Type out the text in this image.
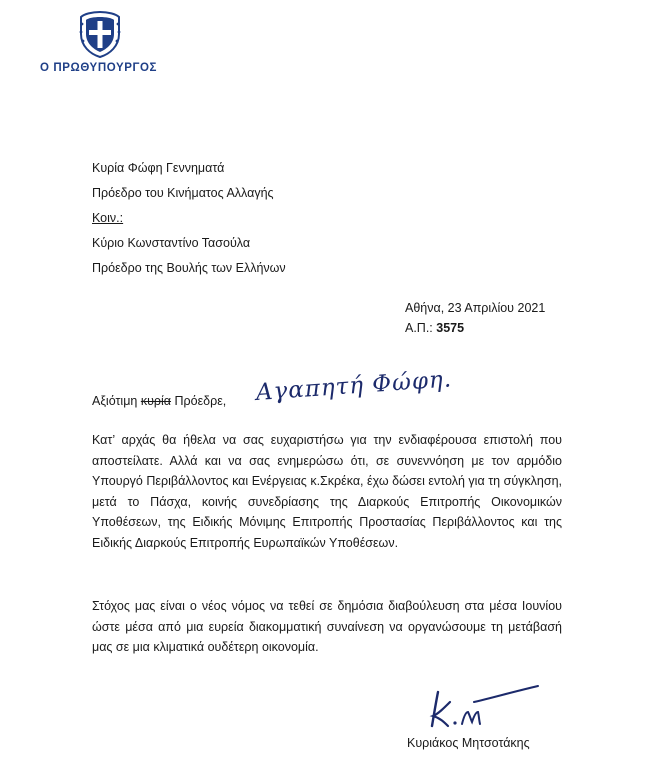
Ο ΠΡΩΘΥΠΟΥΡΓΟΣ
Κυρία Φώφη Γεννηματά
Πρόεδρο του Κινήματος Αλλαγής
Κοιν.:
Κύριο Κωνσταντίνο Τασούλα
Πρόεδρο της Βουλής των Ελλήνων
Αθήνα, 23 Απριλίου 2021
Α.Π.: 3575
Αξιότιμη κυρία Πρόεδρε, Αγαπητή Φώφη.
Κατ’ αρχάς θα ήθελα να σας ευχαριστήσω για την ενδιαφέρουσα επιστολή που αποστείλατε. Αλλά και να σας ενημερώσω ότι, σε συνεννόηση με τον αρμόδιο Υπουργό Περιβάλλοντος και Ενέργειας κ.Σκρέκα, έχω δώσει εντολή για τη σύγκληση, μετά το Πάσχα, κοινής συνεδρίασης της Διαρκούς Επιτροπής Οικονομικών Υποθέσεων, της Ειδικής Μόνιμης Επιτροπής Προστασίας Περιβάλλοντος και της Ειδικής Διαρκούς Επιτροπής Ευρωπαϊκών Υποθέσεων.
Στόχος μας είναι ο νέος νόμος να τεθεί σε δημόσια διαβούλευση στα μέσα Ιουνίου ώστε μέσα από μια ευρεία διακομματική συναίνεση να οργανώσουμε τη μετάβασή μας σε μια κλιματικά ουδέτερη οικονομία.
Κυριάκος Μητσοτάκης
